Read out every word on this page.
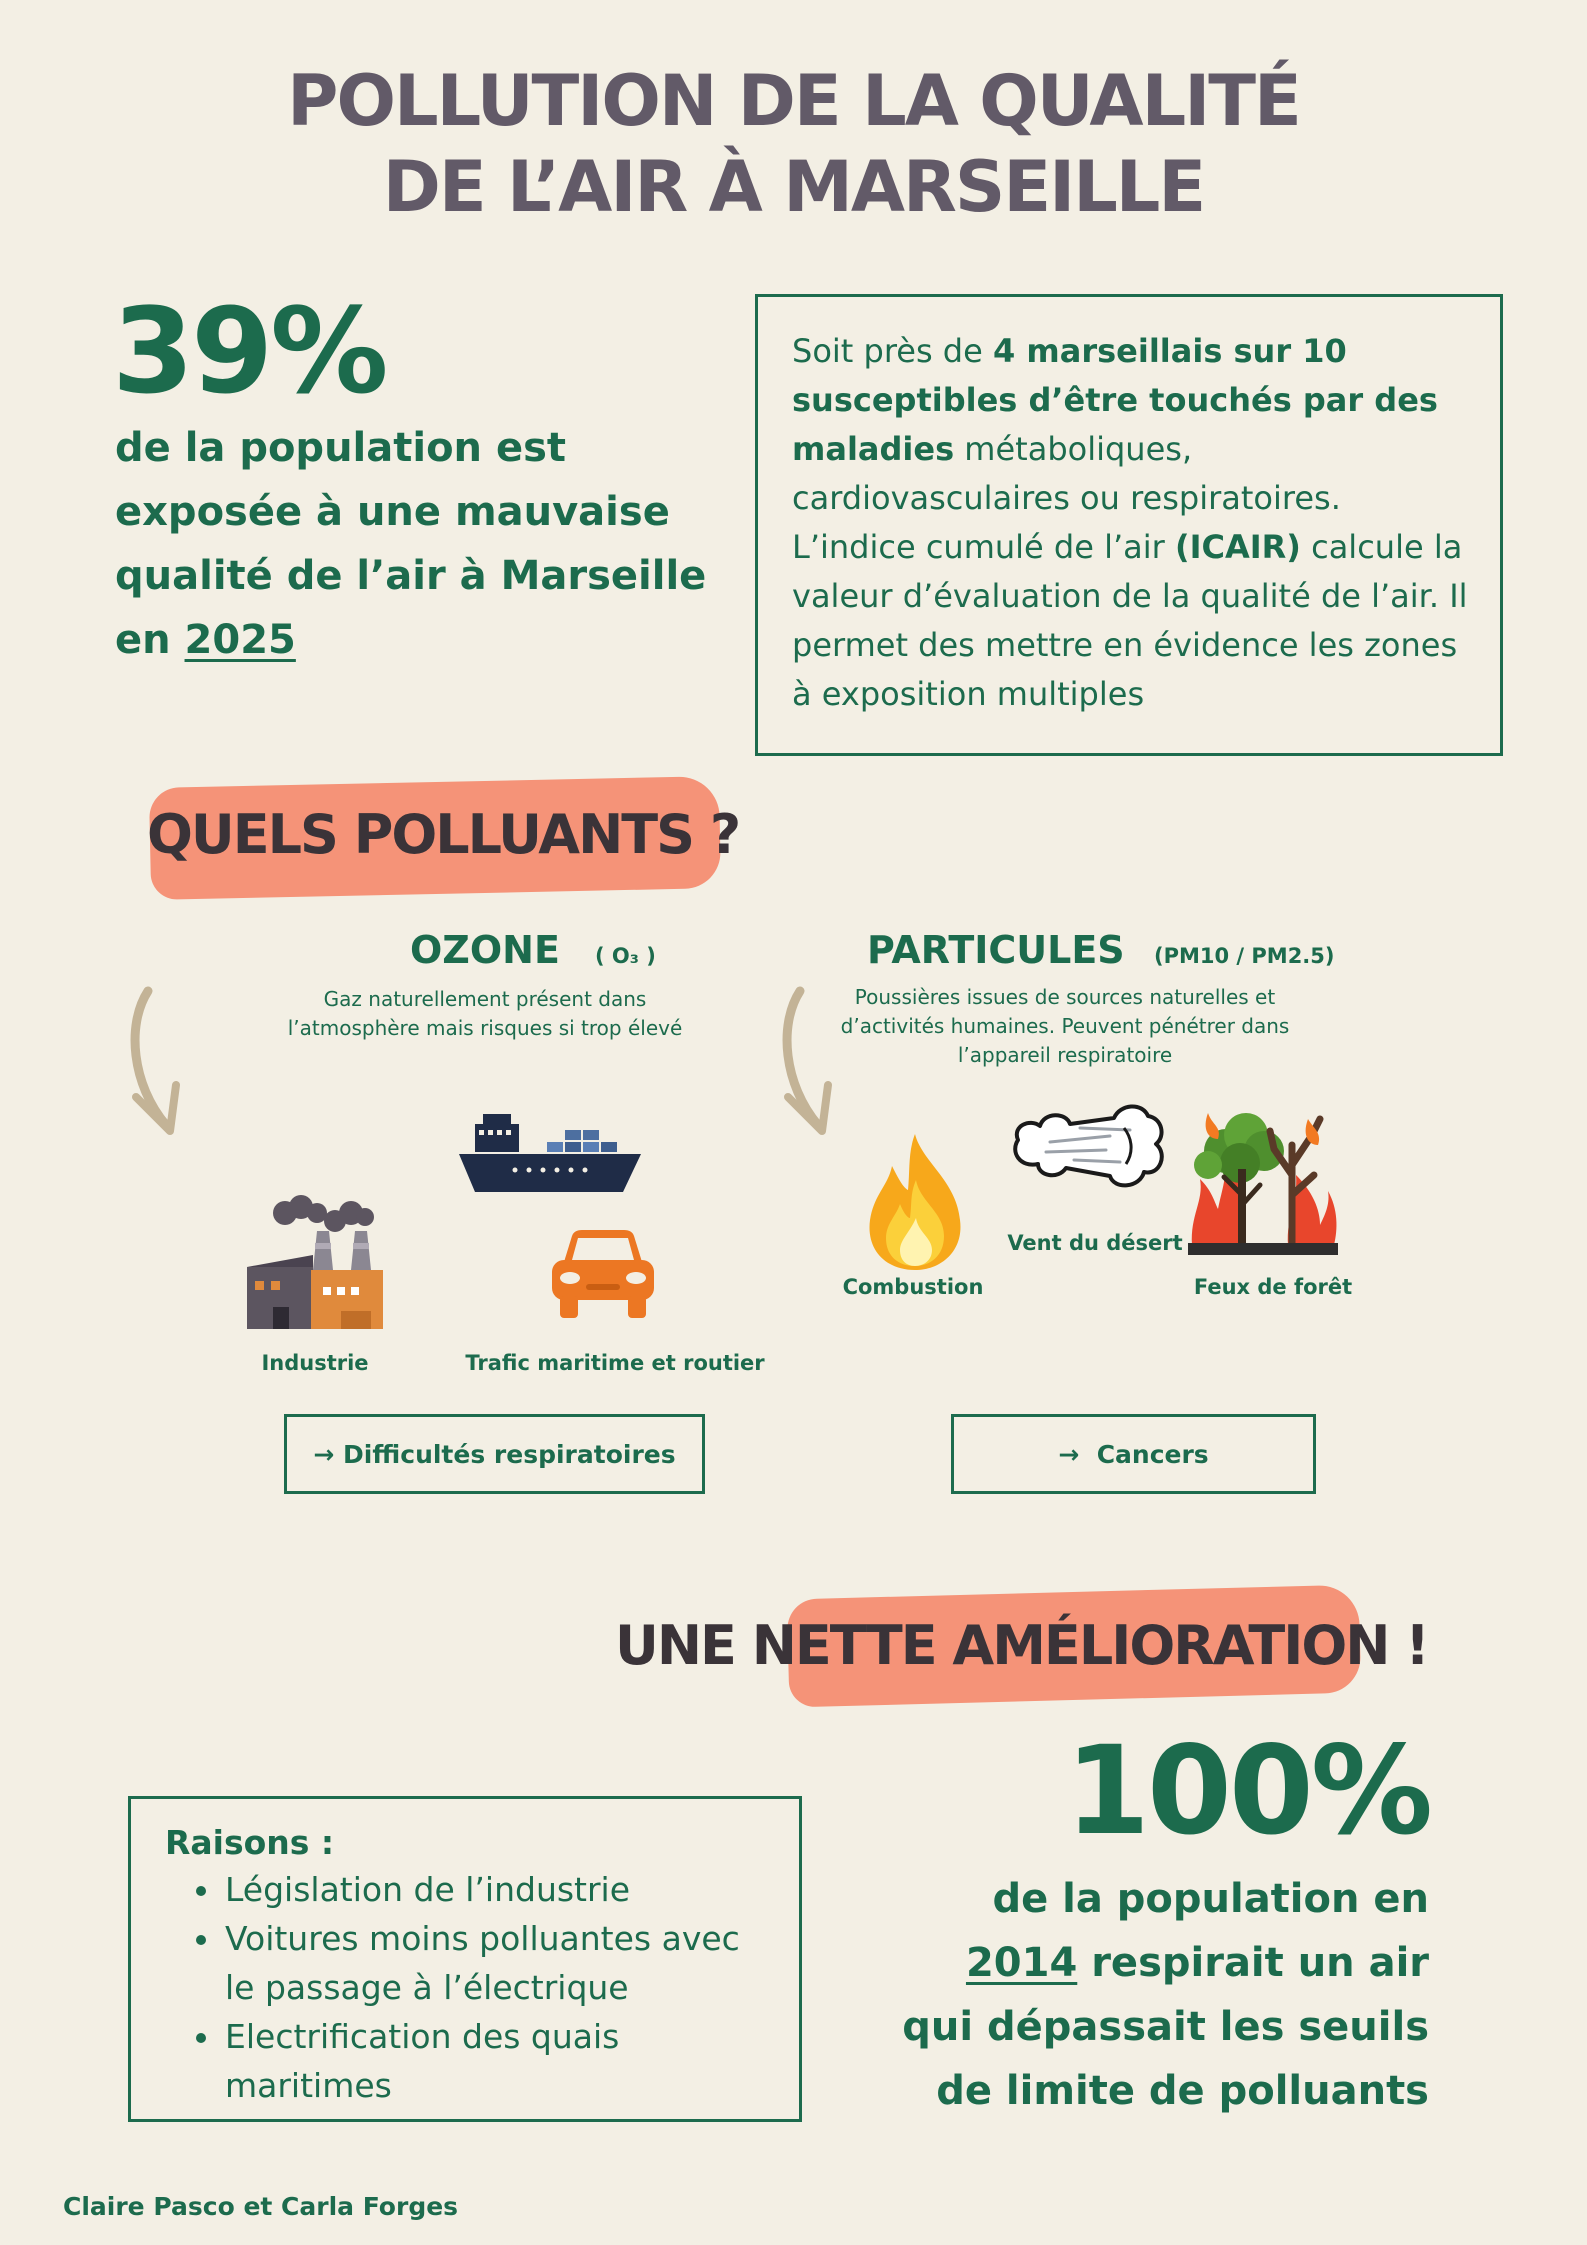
POLLUTION DE LA QUALITÉ
DE L’AIR À MARSEILLE
39%
de la population est
exposée à une mauvaise
qualité de l’air à Marseille
en 2025
Soit près de 4 marseillais sur 10 susceptibles d’être touchés par des maladies métaboliques, cardiovasculaires ou respiratoires. L’indice cumulé de l’air (ICAIR) calcule la valeur d’évaluation de la qualité de l’air. Il permet des mettre en évidence les zones à exposition multiples
QUELS POLLUANTS ?
OZONE ( O₃ )
Gaz naturellement présent dans
l’atmosphère mais risques si trop élevé
Industrie	Trafic maritime et routier
→
Difficultés respiratoires
PARTICULES (PM10 / PM2.5)
Poussières issues de sources naturelles et
d’activités humaines. Peuvent pénétrer dans
l’appareil respiratoire
Combustion
Vent du désert
Feux de forêt
→
Cancers
UNE NETTE AMÉLIORATION !
Raisons :
• Législation de l’industrie
• Voitures moins polluantes avec le passage à l’électrique
• Electrification des quais maritimes
100%
de la population en
2014 respirait un air
qui dépassait les seuils
de limite de polluants
Claire Pasco et Carla Forges
